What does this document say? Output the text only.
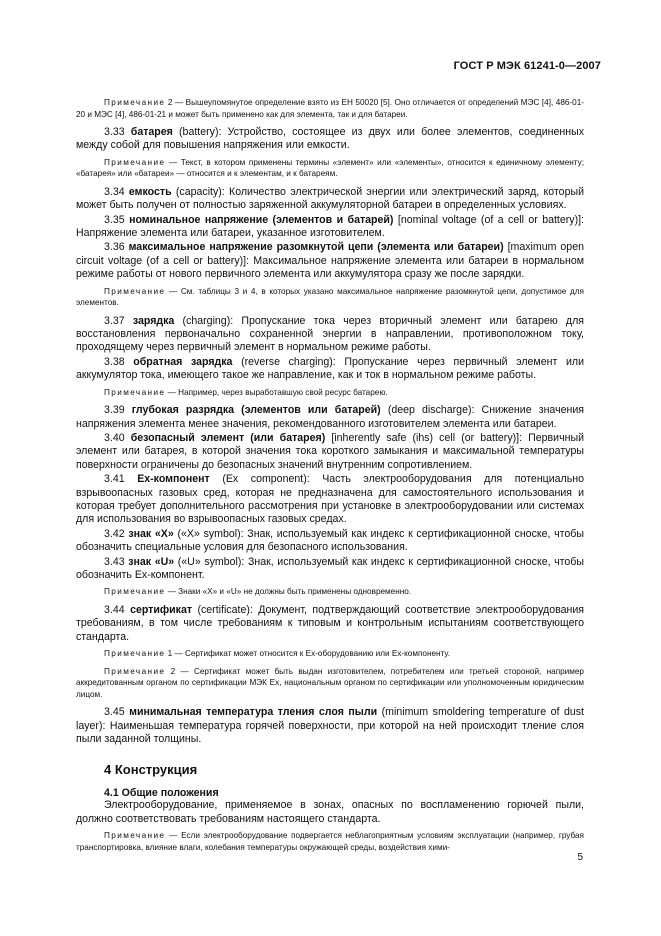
ГОСТ Р МЭК 61241-0—2007
Примечание 2 — Вышеупомянутое определение взято из ЕН 50020 [5]. Оно отличается от определений МЭС [4], 486-01-20 и МЭС [4], 486-01-21 и может быть применено как для элемента, так и для батареи.
3.33 батарея (battery): Устройство, состоящее из двух или более элементов, соединенных между собой для повышения напряжения или емкости.
Примечание — Текст, в котором применены термины «элемент» или «элементы», относится к единичному элементу; «батарея» или «батареи» — относится и к элементам, и к батареям.
3.34 емкость (capacity): Количество электрической энергии или электрический заряд, который может быть получен от полностью заряженной аккумуляторной батареи в определенных условиях.
3.35 номинальное напряжение (элементов и батарей) [nominal voltage (of a cell or battery)]: Напряжение элемента или батареи, указанное изготовителем.
3.36 максимальное напряжение разомкнутой цепи (элемента или батареи) [maximum open circuit voltage (of a cell or battery)]: Максимальное напряжение элемента или батареи в нормальном режиме работы от нового первичного элемента или аккумулятора сразу же после зарядки.
Примечание — См. таблицы 3 и 4, в которых указано максимальное напряжение разомкнутой цепи, допустимое для элементов.
3.37 зарядка (charging): Пропускание тока через вторичный элемент или батарею для восстановления первоначально сохраненной энергии в направлении, противоположном току, проходящему через первичный элемент в нормальном режиме работы.
3.38 обратная зарядка (reverse charging): Пропускание через первичный элемент или аккумулятор тока, имеющего такое же направление, как и ток в нормальном режиме работы.
Примечание — Например, через выработавшую свой ресурс батарею.
3.39 глубокая разрядка (элементов или батарей) (deep discharge): Снижение значения напряжения элемента менее значения, рекомендованного изготовителем элемента или батареи.
3.40 безопасный элемент (или батарея) [inherently safe (ihs) cell (or battery)]: Первичный элемент или батарея, в которой значения тока короткого замыкания и максимальной температуры поверхности ограничены до безопасных значений внутренним сопротивлением.
3.41 Ex-компонент (Ex component): Часть электрооборудования для потенциально взрывоопасных газовых сред, которая не предназначена для самостоятельного использования и которая требует дополнительного рассмотрения при установке в электрооборудовании или системах для использования во взрывоопасных газовых средах.
3.42 знак «X» («X» symbol): Знак, используемый как индекс к сертификационной сноске, чтобы обозначить специальные условия для безопасного использования.
3.43 знак «U» («U» symbol): Знак, используемый как индекс к сертификационной сноске, чтобы обозначить Ex-компонент.
Примечание — Знаки «X» и «U» не должны быть применены одновременно.
3.44 сертификат (certificate): Документ, подтверждающий соответствие электрооборудования требованиям, в том числе требованиям к типовым и контрольным испытаниям соответствующего стандарта.
Примечание 1 — Сертификат может относится к Ex-оборудованию или Ex-компоненту.
Примечание 2 — Сертификат может быть выдан изготовителем, потребителем или третьей стороной, например аккредитованным органом по сертификации МЭК Ex, национальным органом по сертификации или уполномоченным юридическим лицом.
3.45 минимальная температура тления слоя пыли (minimum smoldering temperature of dust layer): Наименьшая температура горячей поверхности, при которой на ней происходит тление слоя пыли заданной толщины.
4 Конструкция
4.1 Общие положения
Электрооборудование, применяемое в зонах, опасных по воспламенению горючей пыли, должно соответствовать требованиям настоящего стандарта.
Примечание — Если электрооборудование подвергается неблагоприятным условиям эксплуатации (например, грубая транспортировка, влияние влаги, колебания температуры окружающей среды, воздействия хими-
5
